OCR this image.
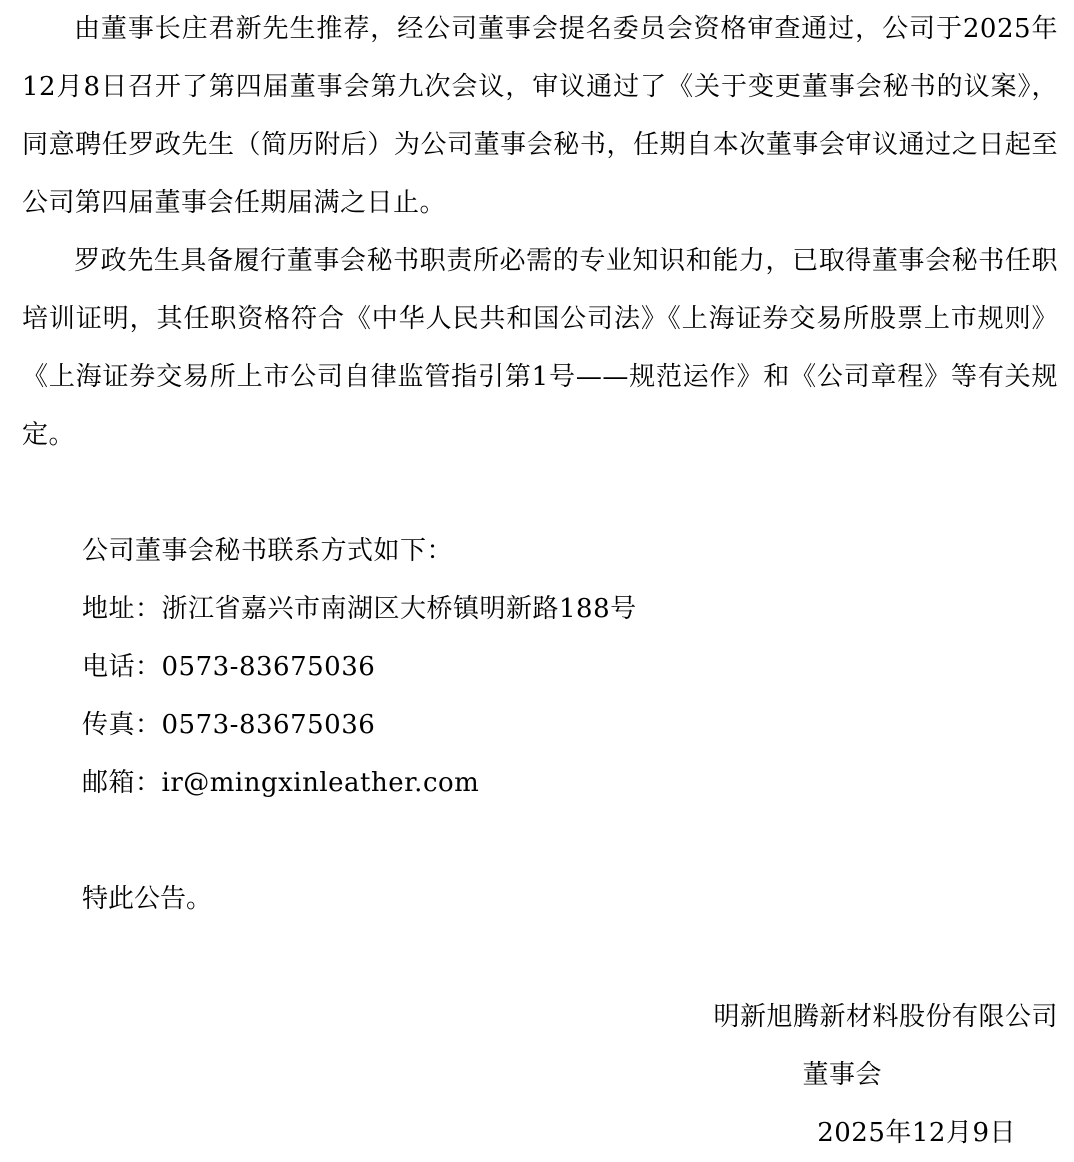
由董事长庄君新先生推荐，经公司董事会提名委员会资格审查通过，公司于2025年12月8日召开了第四届董事会第九次会议，审议通过了《关于变更董事会秘书的议案》，同意聘任罗政先生（简历附后）为公司董事会秘书，任期自本次董事会审议通过之日起至公司第四届董事会任期届满之日止。

罗政先生具备履行董事会秘书职责所必需的专业知识和能力，已取得董事会秘书任职培训证明，其任职资格符合《中华人民共和国公司法》《上海证券交易所股票上市规则》《上海证券交易所上市公司自律监管指引第1号——规范运作》和《公司章程》等有关规定。

公司董事会秘书联系方式如下：

地址：浙江省嘉兴市南湖区大桥镇明新路188号

电话：0573-83675036

传真：0573-83675036

邮箱：ir@mingxinleather.com

特此公告。

明新旭腾新材料股份有限公司
董事会
2025年12月9日
